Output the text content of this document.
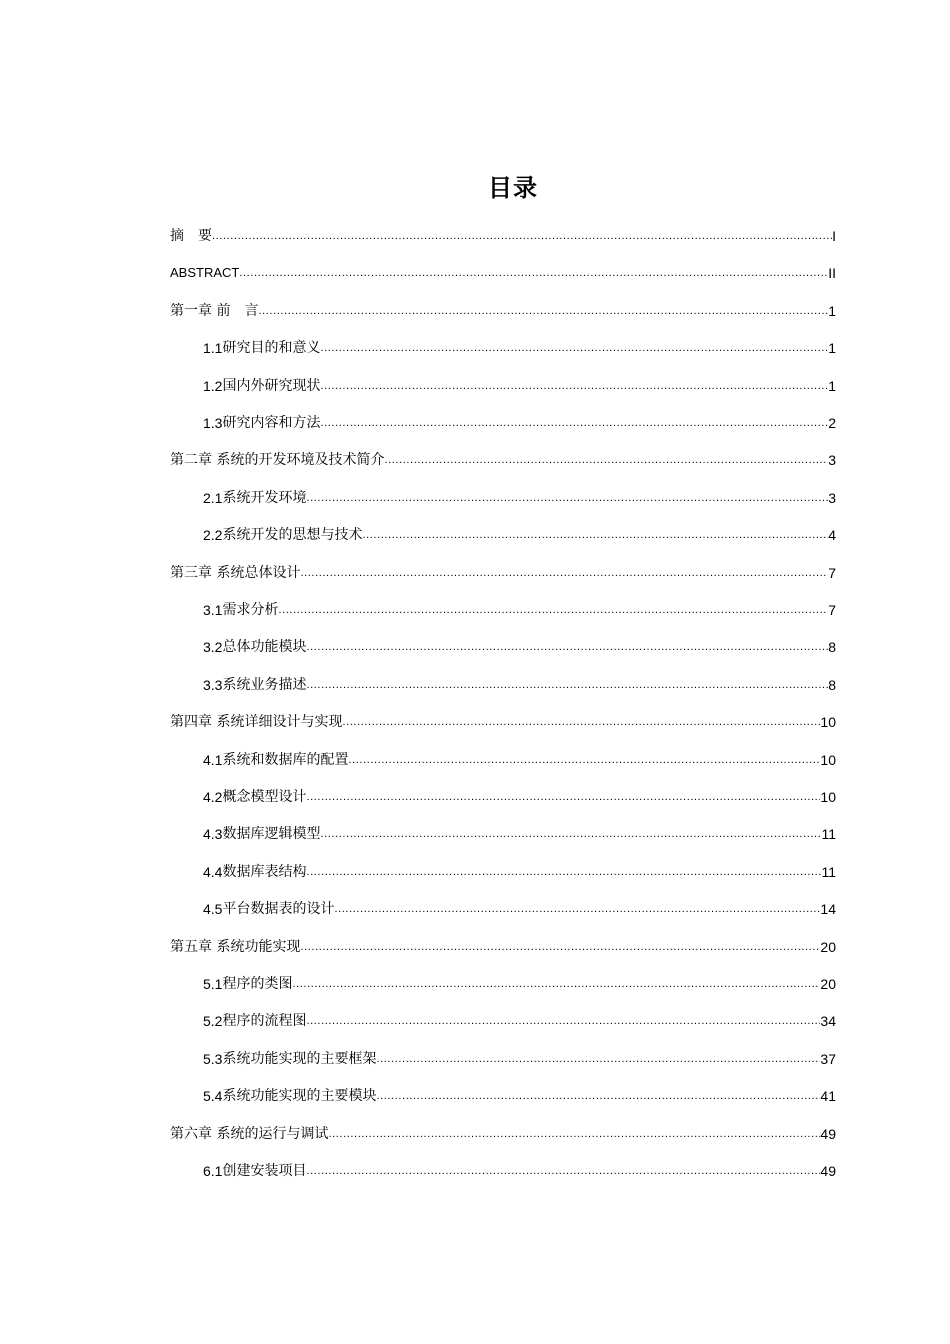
目录
摘　要 .....	I
ABSTRACT .....	II
第一章 前　言 .....	1
1.1 研究目的和意义 .....	1
1.2 国内外研究现状 .....	1
1.3 研究内容和方法 .....	2
第二章 系统的开发环境及技术简介 .....	3
2.1 系统开发环境 .....	3
2.2 系统开发的思想与技术 .....	4
第三章 系统总体设计 .....	7
3.1 需求分析 .....	7
3.2 总体功能模块 .....	8
3.3 系统业务描述 .....	8
第四章 系统详细设计与实现 .....	10
4.1 系统和数据库的配置 .....	10
4.2 概念模型设计 .....	10
4.3 数据库逻辑模型 .....	11
4.4 数据库表结构 .....	11
4.5 平台数据表的设计 .....	14
第五章 系统功能实现 .....	20
5.1 程序的类图 .....	20
5.2 程序的流程图 .....	34
5.3 系统功能实现的主要框架 .....	37
5.4 系统功能实现的主要模块 .....	41
第六章 系统的运行与调试 .....	49
6.1 创建安装项目 .....	49
